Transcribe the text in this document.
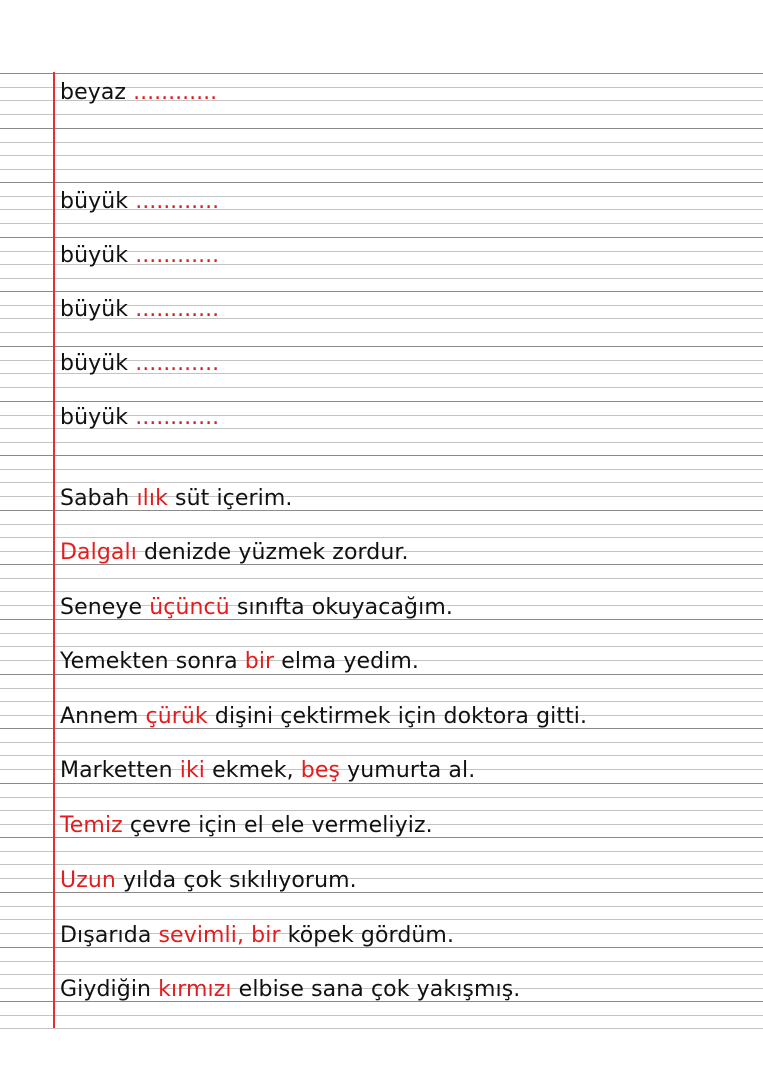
beyaz ............
büyük ............
büyük ............
büyük ............
büyük ............
büyük ............
Sabah ılık süt içerim.
Dalgalı denizde yüzmek zordur.
Seneye üçüncü sınıfta okuyacağım.
Yemekten sonra bir elma yedim.
Annem çürük dişini çektirmek için doktora gitti.
Marketten iki ekmek, beş yumurta al.
Temiz çevre için el ele vermeliyiz.
Uzun yılda çok sıkılıyorum.
Dışarıda sevimli, bir köpek gördüm.
Giydiğin kırmızı elbise sana çok yakışmış.
